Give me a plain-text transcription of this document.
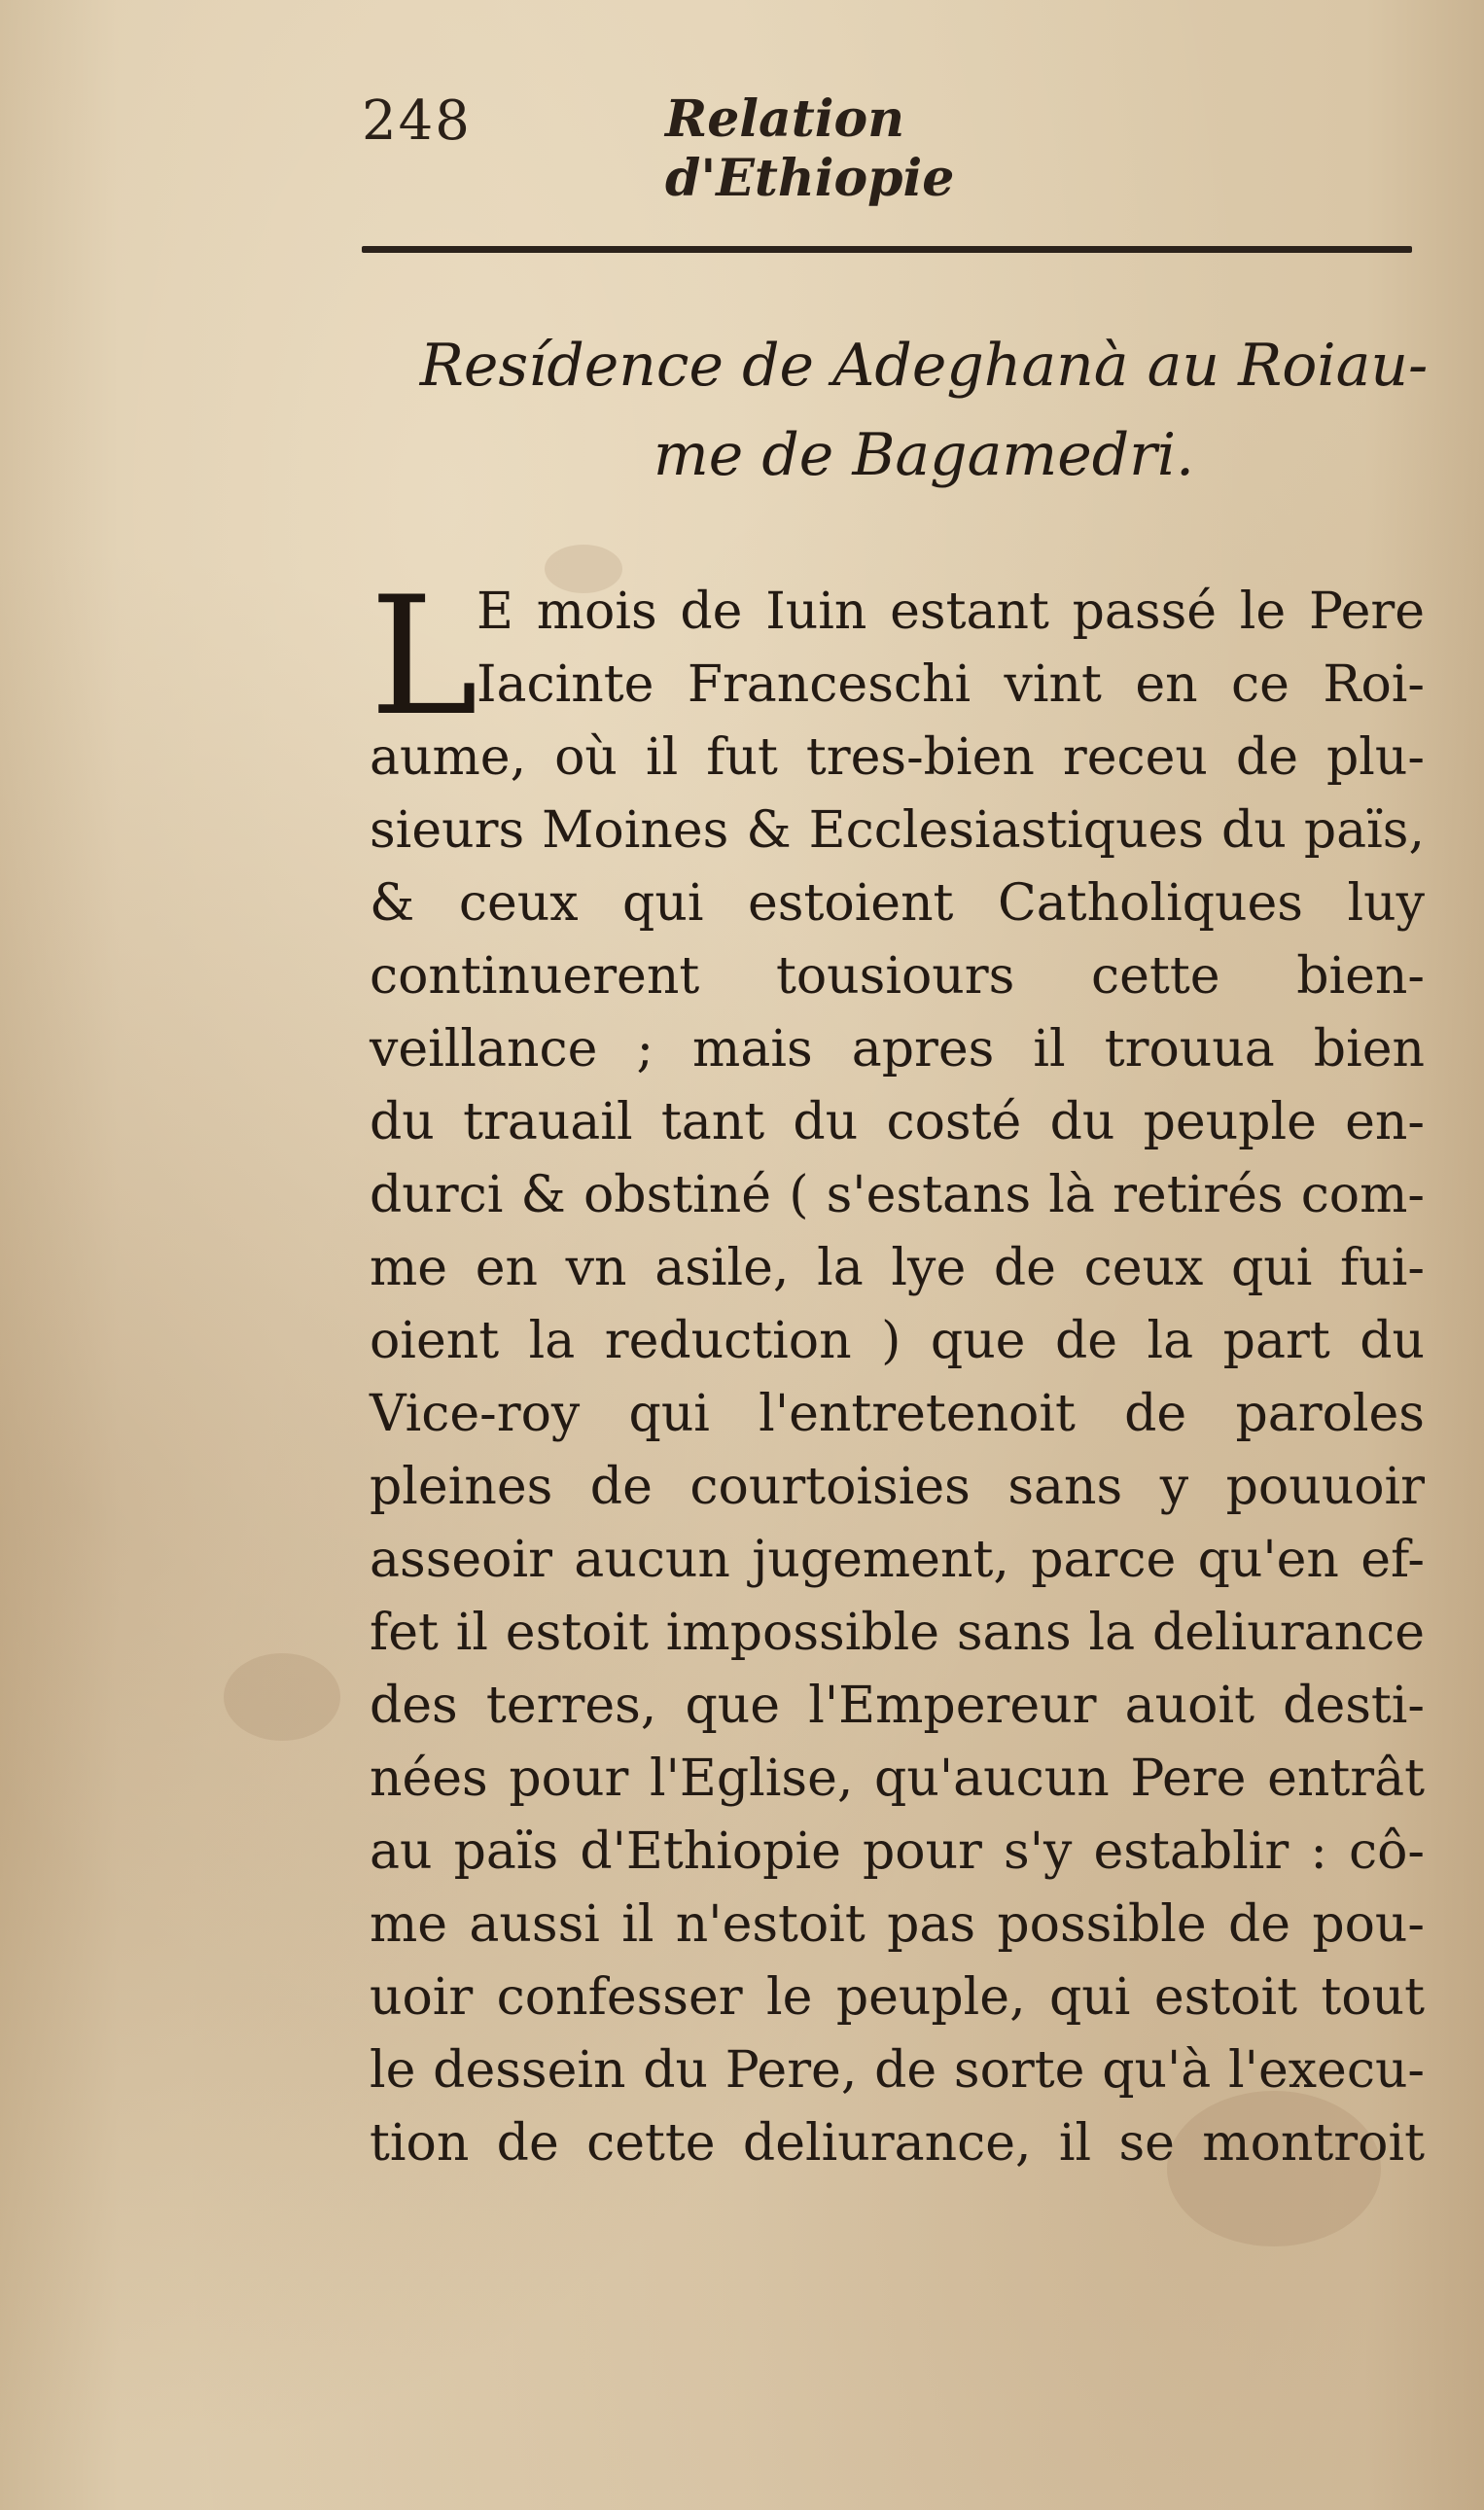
248	Relation d'Ethiopie
Resídence de Adeghanà au Roiau-
me de Bagamedri.
L
E mois de Iuin estant passé le Pere
Iacinte Franceschi vint en ce Roi-
aume, où il fut tres-bien receu de plu-
sieurs Moines & Ecclesiastiques du païs,
& ceux qui estoient Catholiques luy
continuerent tousiours cette bien-
veillance ; mais apres il trouua bien
du trauail tant du costé du peuple en-
durci & obstiné ( s'estans là retirés com-
me en vn asile, la lye de ceux qui fui-
oient la reduction ) que de la part du
Vice-roy qui l'entretenoit de paroles
pleines de courtoisies sans y pouuoir
asseoir aucun jugement, parce qu'en ef-
fet il estoit impossible sans la deliurance
des terres, que l'Empereur auoit desti-
nées pour l'Eglise, qu'aucun Pere entrât
au païs d'Ethiopie pour s'y establir : cô-
me aussi il n'estoit pas possible de pou-
uoir confesser le peuple, qui estoit tout
le dessein du Pere, de sorte qu'à l'execu-
tion de cette deliurance, il se montroit
